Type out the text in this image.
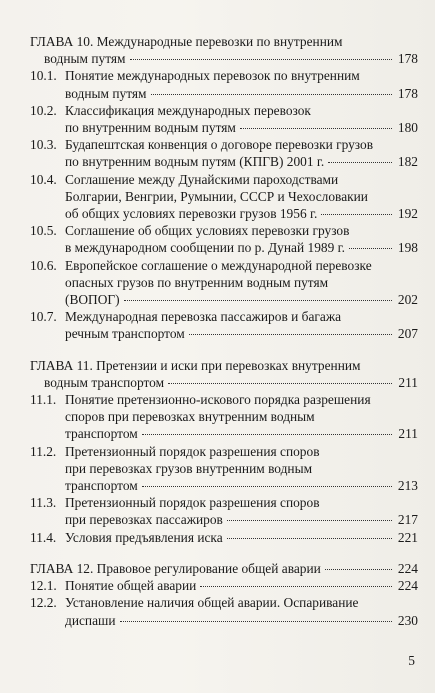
ГЛАВА 10. Международные перевозки по внутренним
водным путям	178
10.1. Понятие международных перевозок по внутренним
водным путям	178
10.2. Классификация международных перевозок
по внутренним водным путям	180
10.3. Будапештская конвенция о договоре перевозки грузов
по внутренним водным путям (КПГВ) 2001 г.	182
10.4. Соглашение между Дунайскими пароходствами
Болгарии, Венгрии, Румынии, СССР и Чехословакии
об общих условиях перевозки грузов 1956 г.	192
10.5. Соглашение об общих условиях перевозки грузов
в международном сообщении по р. Дунай 1989 г.	198
10.6. Европейское соглашение о международной перевозке
опасных грузов по внутренним водным путям
(ВОПОГ)	202
10.7. Международная перевозка пассажиров и багажа
речным транспортом	207
ГЛАВА 11. Претензии и иски при перевозках внутренним
водным транспортом	211
11.1. Понятие претензионно-искового порядка разрешения
споров при перевозках внутренним водным
транспортом	211
11.2. Претензионный порядок разрешения споров
при перевозках грузов внутренним водным
транспортом	213
11.3. Претензионный порядок разрешения споров
при перевозках пассажиров	217
11.4. Условия предъявления иска	221
ГЛАВА 12. Правовое регулирование общей аварии	224
12.1. Понятие общей аварии	224
12.2. Установление наличия общей аварии. Оспаривание
диспаши	230
5
